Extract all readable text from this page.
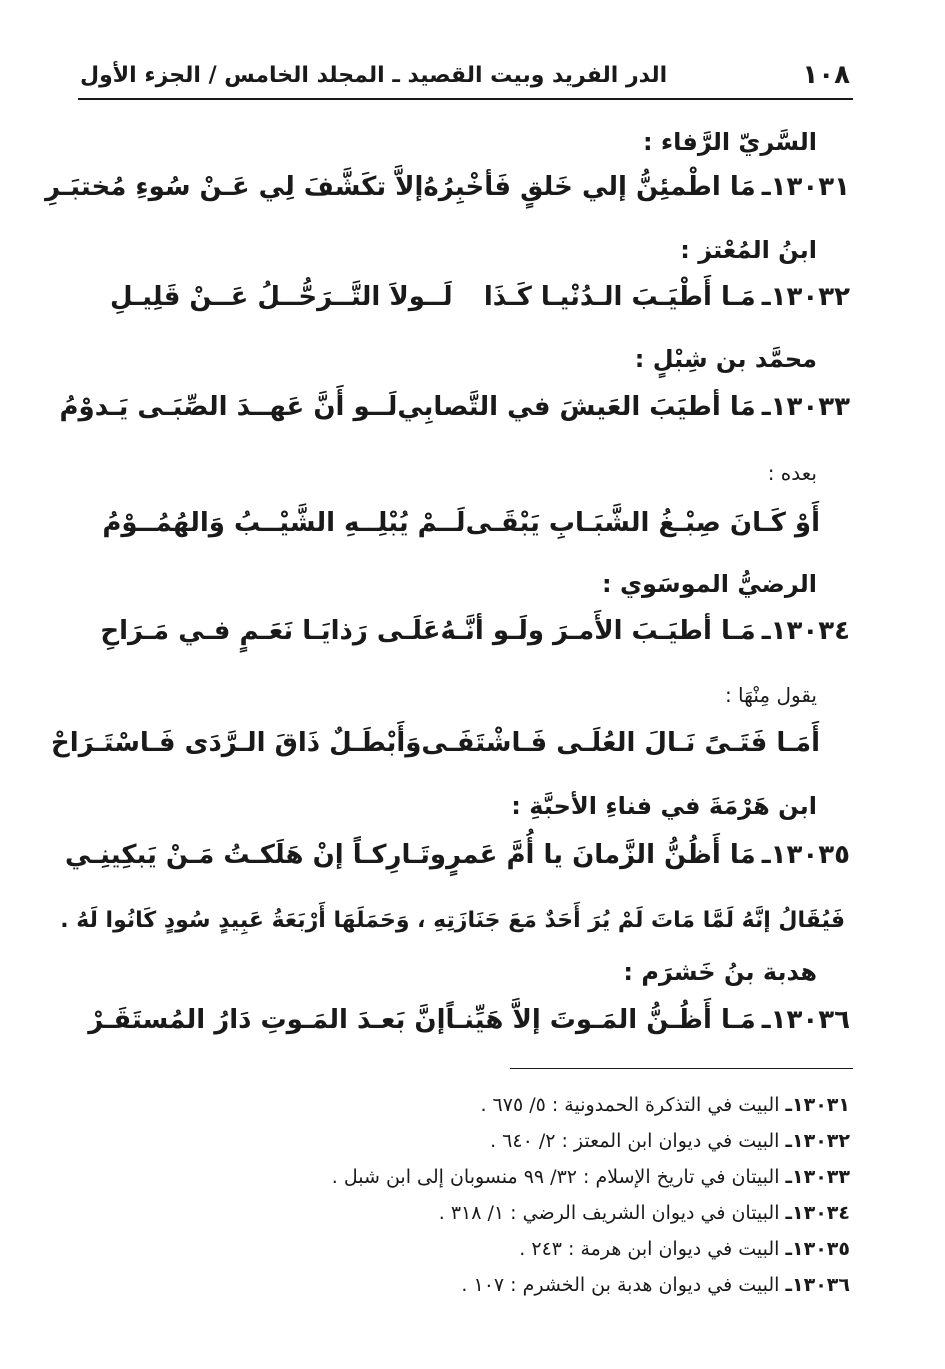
١٠٨
الدر الفريد وبيت القصيد ـ المجلد الخامس / الجزء الأول
السَّريّ الرَّفاء :
١٣٠٣١ـ
مَا اطْمئِنُّ إلي خَلقٍ فَأخْبِرُهُ
إلاَّ تكَشَّفَ لِي عَـنْ سُوءِ مُختبَـرِ
ابنُ المُعْتز :
١٣٠٣٢ـ
مَـا أَطْيَـبَ الـدُنْيـا كَـذَا
لَــولاَ التَّــرَحُّــلُ عَــنْ قَلِيـلِ
محمَّد بن شِبْلٍ :
١٣٠٣٣ـ
مَا أطيَبَ العَيشَ في التَّصابِي
لَــو أَنَّ عَهــدَ الصِّبَـى يَـدوْمُ
بعده :
أَوْ كَـانَ صِبْـغُ الشَّبَـابِ يَبْقَـى
لَــمْ يُبْلِــهِ الشَّيْــبُ وَالهُمُــوْمُ
الرضيُّ الموسَوي :
١٣٠٣٤ـ
مَـا أطيَـبَ الأَمـرَ ولَـو أنَّـهُ
عَلَـى رَذايَـا نَعَـمٍ فـي مَـرَاحِ
يقول مِنْهَا :
أَمَـا فَتَـىً نَـالَ العُلَـى فَـاشْتَفَـى
وَأَبْطَـلٌ ذَاقَ الـرَّدَى فَـاسْتَـرَاحْ
ابن هَرْمَةَ في فناءِ الأحبَّةِ :
١٣٠٣٥ـ
مَا أَظُنُّ الزَّمانَ يا أُمَّ عَمرٍو
تَـارِكـاً إنْ هَلَكـتُ مَـنْ يَبكِينِـي
فَيُقَالُ إنَّهُ لَمَّا مَاتَ لَمْ يُرَ أَحَدٌ مَعَ جَنَازَتِهِ ، وَحَمَلَهَا أَرْبَعَةُ عَبِيدٍ سُودٍ كَانُوا لَهُ .
هدبة بنُ خَشرَم :
١٣٠٣٦ـ
مَـا أَظُـنُّ المَـوتَ إلاَّ هَيِّنـاً
إنَّ بَعـدَ المَـوتِ دَارُ المُستَقَـرْ
١٣٠٣١ـ البيت في التذكرة الحمدونية : ٥/ ٦٧٥ .
١٣٠٣٢ـ البيت في ديوان ابن المعتز : ٢/ ٦٤٠ .
١٣٠٣٣ـ البيتان في تاريخ الإسلام : ٣٢/ ٩٩ منسوبان إلى ابن شبل .
١٣٠٣٤ـ البيتان في ديوان الشريف الرضي : ١/ ٣١٨ .
١٣٠٣٥ـ البيت في ديوان ابن هرمة : ٢٤٣ .
١٣٠٣٦ـ البيت في ديوان هدبة بن الخشرم : ١٠٧ .
